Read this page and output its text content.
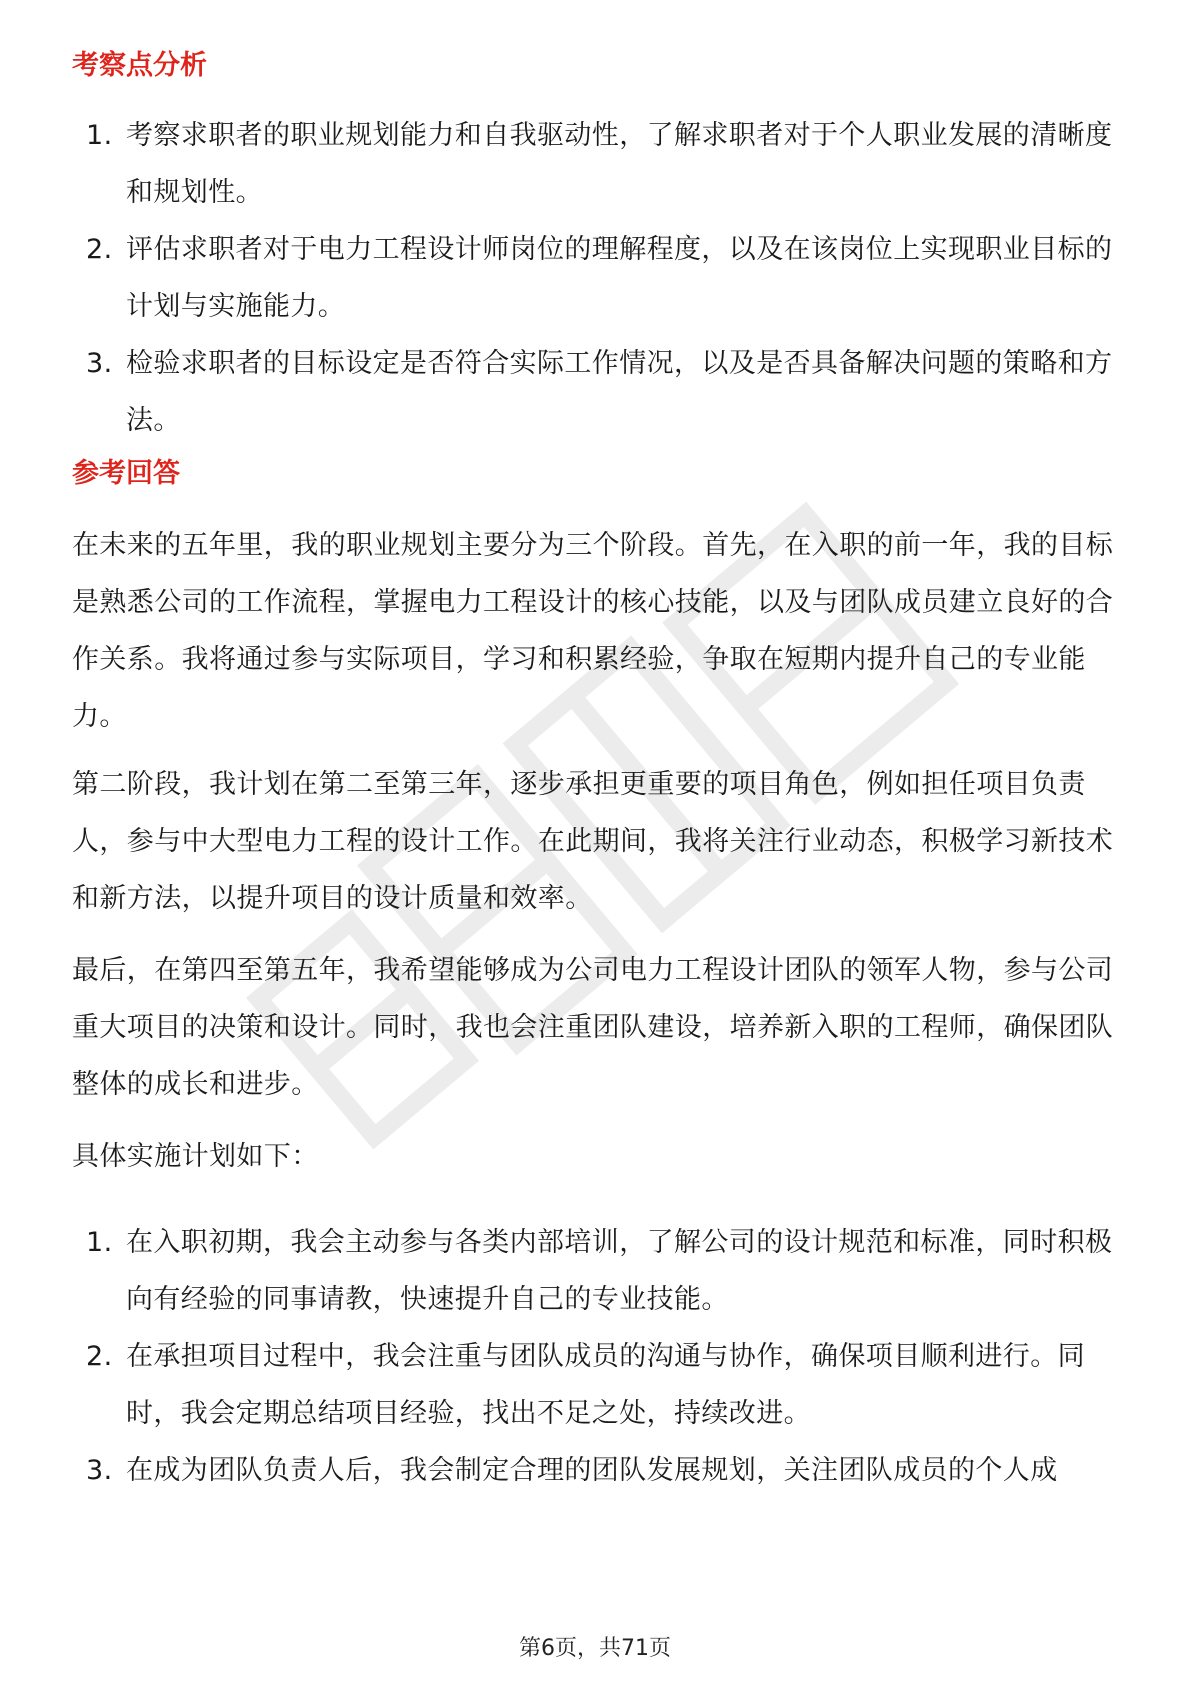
考察点分析
1. 考察求职者的职业规划能力和自我驱动性，了解求职者对于个人职业发展的清晰度和规划性。
2. 评估求职者对于电力工程设计师岗位的理解程度，以及在该岗位上实现职业目标的计划与实施能力。
3. 检验求职者的目标设定是否符合实际工作情况，以及是否具备解决问题的策略和方法。
参考回答

在未来的五年里，我的职业规划主要分为三个阶段。首先，在入职的前一年，我的目标是熟悉公司的工作流程，掌握电力工程设计的核心技能，以及与团队成员建立良好的合作关系。我将通过参与实际项目，学习和积累经验，争取在短期内提升自己的专业能力。

第二阶段，我计划在第二至第三年，逐步承担更重要的项目角色，例如担任项目负责人，参与中大型电力工程的设计工作。在此期间，我将关注行业动态，积极学习新技术和新方法，以提升项目的设计质量和效率。

最后，在第四至第五年，我希望能够成为公司电力工程设计团队的领军人物，参与公司重大项目的决策和设计。同时，我也会注重团队建设，培养新入职的工程师，确保团队整体的成长和进步。

具体实施计划如下：

1. 在入职初期，我会主动参与各类内部培训，了解公司的设计规范和标准，同时积极向有经验的同事请教，快速提升自己的专业技能。
2. 在承担项目过程中，我会注重与团队成员的沟通与协作，确保项目顺利进行。同时，我会定期总结项目经验，找出不足之处，持续改进。
3. 在成为团队负责人后，我会制定合理的团队发展规划，关注团队成员的个人成
第6页，共71页
